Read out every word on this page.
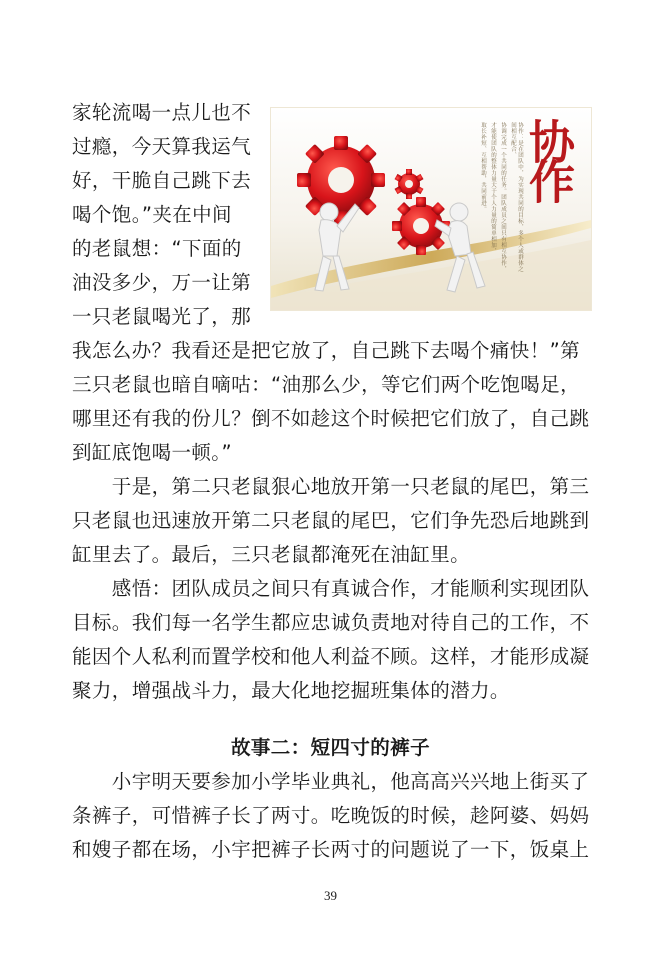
协作
协作：是在团队中，为实现共同的目标，多个人或群体之间相互配合、
协调完成一个共同的任务。团队成员之间只有相互协作，
才能使团队的整体力量大于个人力量的简单相加，
取长补短、互相帮助，共同前进。
家轮流喝一点儿也不
过瘾，今天算我运气
好，干脆自己跳下去
喝个饱。”夹在中间
的老鼠想：“下面的
油没多少，万一让第
一只老鼠喝光了，那
我怎么办？我看还是把它放了，自己跳下去喝个痛快！”第
三只老鼠也暗自嘀咕：“油那么少，等它们两个吃饱喝足，
哪里还有我的份儿？倒不如趁这个时候把它们放了，自己跳
到缸底饱喝一顿。”
　　于是，第二只老鼠狠心地放开第一只老鼠的尾巴，第三
只老鼠也迅速放开第二只老鼠的尾巴，它们争先恐后地跳到
缸里去了。最后，三只老鼠都淹死在油缸里。
　　感悟：团队成员之间只有真诚合作，才能顺利实现团队
目标。我们每一名学生都应忠诚负责地对待自己的工作，不
能因个人私利而置学校和他人利益不顾。这样，才能形成凝
聚力，增强战斗力，最大化地挖掘班集体的潜力。
故事二：短四寸的裤子
　　小宇明天要参加小学毕业典礼，他高高兴兴地上街买了
条裤子，可惜裤子长了两寸。吃晚饭的时候，趁阿婆、妈妈
和嫂子都在场，小宇把裤子长两寸的问题说了一下，饭桌上
39
